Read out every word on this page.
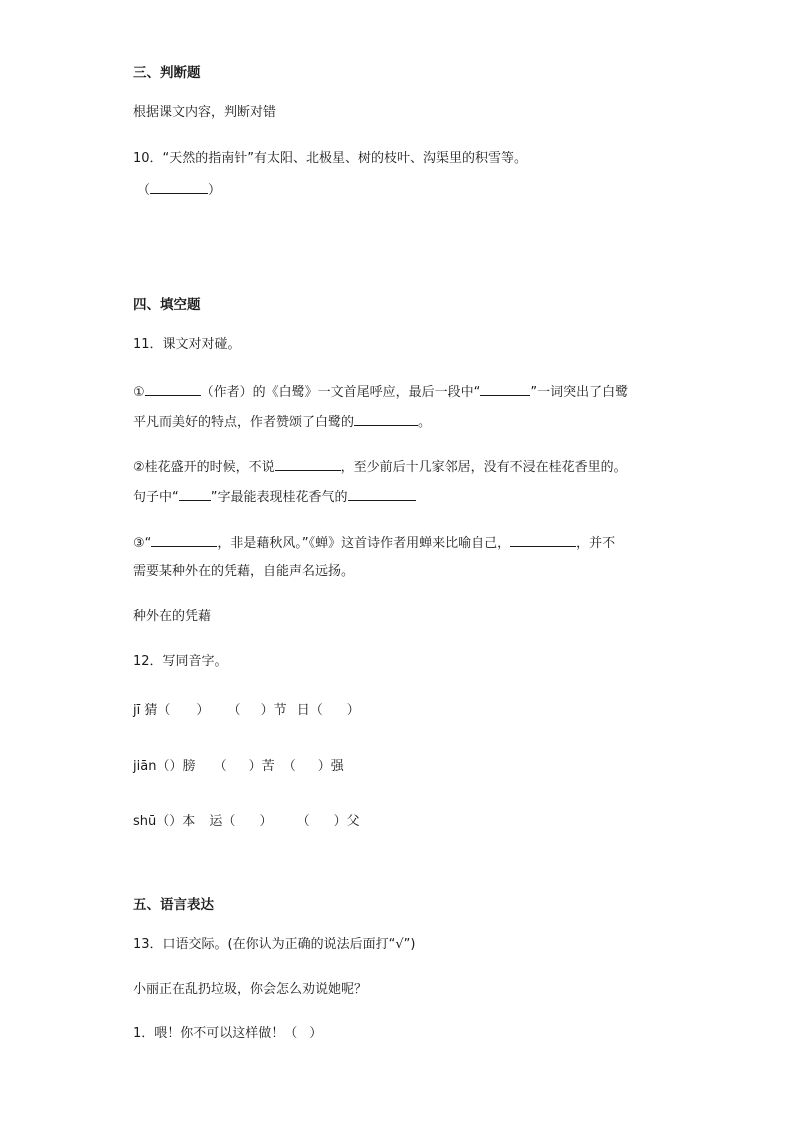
三、判断题
根据课文内容，判断对错
10．“天然的指南针”有太阳、北极星、树的枝叶、沟渠里的积雪等。
（	）
四、填空题
11．课文对对碰。
①	（作者）的《白鹭》一文首尾呼应，最后一段中“	”一词突出了白鹭
平凡而美好的特点，作者赞颂了白鹭的	。
②桂花盛开的时候，不说	，至少前后十几家邻居，没有不浸在桂花香里的。
句子中“ ”字最能表现桂花香气的
③“	，非是藉秋风。”《蝉》这首诗作者用蝉来比喻自己，	，并不
需要某种外在的凭藉，自能声名远扬。
种外在的凭藉
12．写同音字。
jī 猜（ ） （ ）节 日（ ）
jiān（）膀 （ ）苦 （ ）强
shū（）本 运（ ） （ ）父
五、语言表达
13．口语交际。(在你认为正确的说法后面打“√”)
小丽正在乱扔垃圾，你会怎么劝说她呢？
1．喂！你不可以这样做！（ ）
